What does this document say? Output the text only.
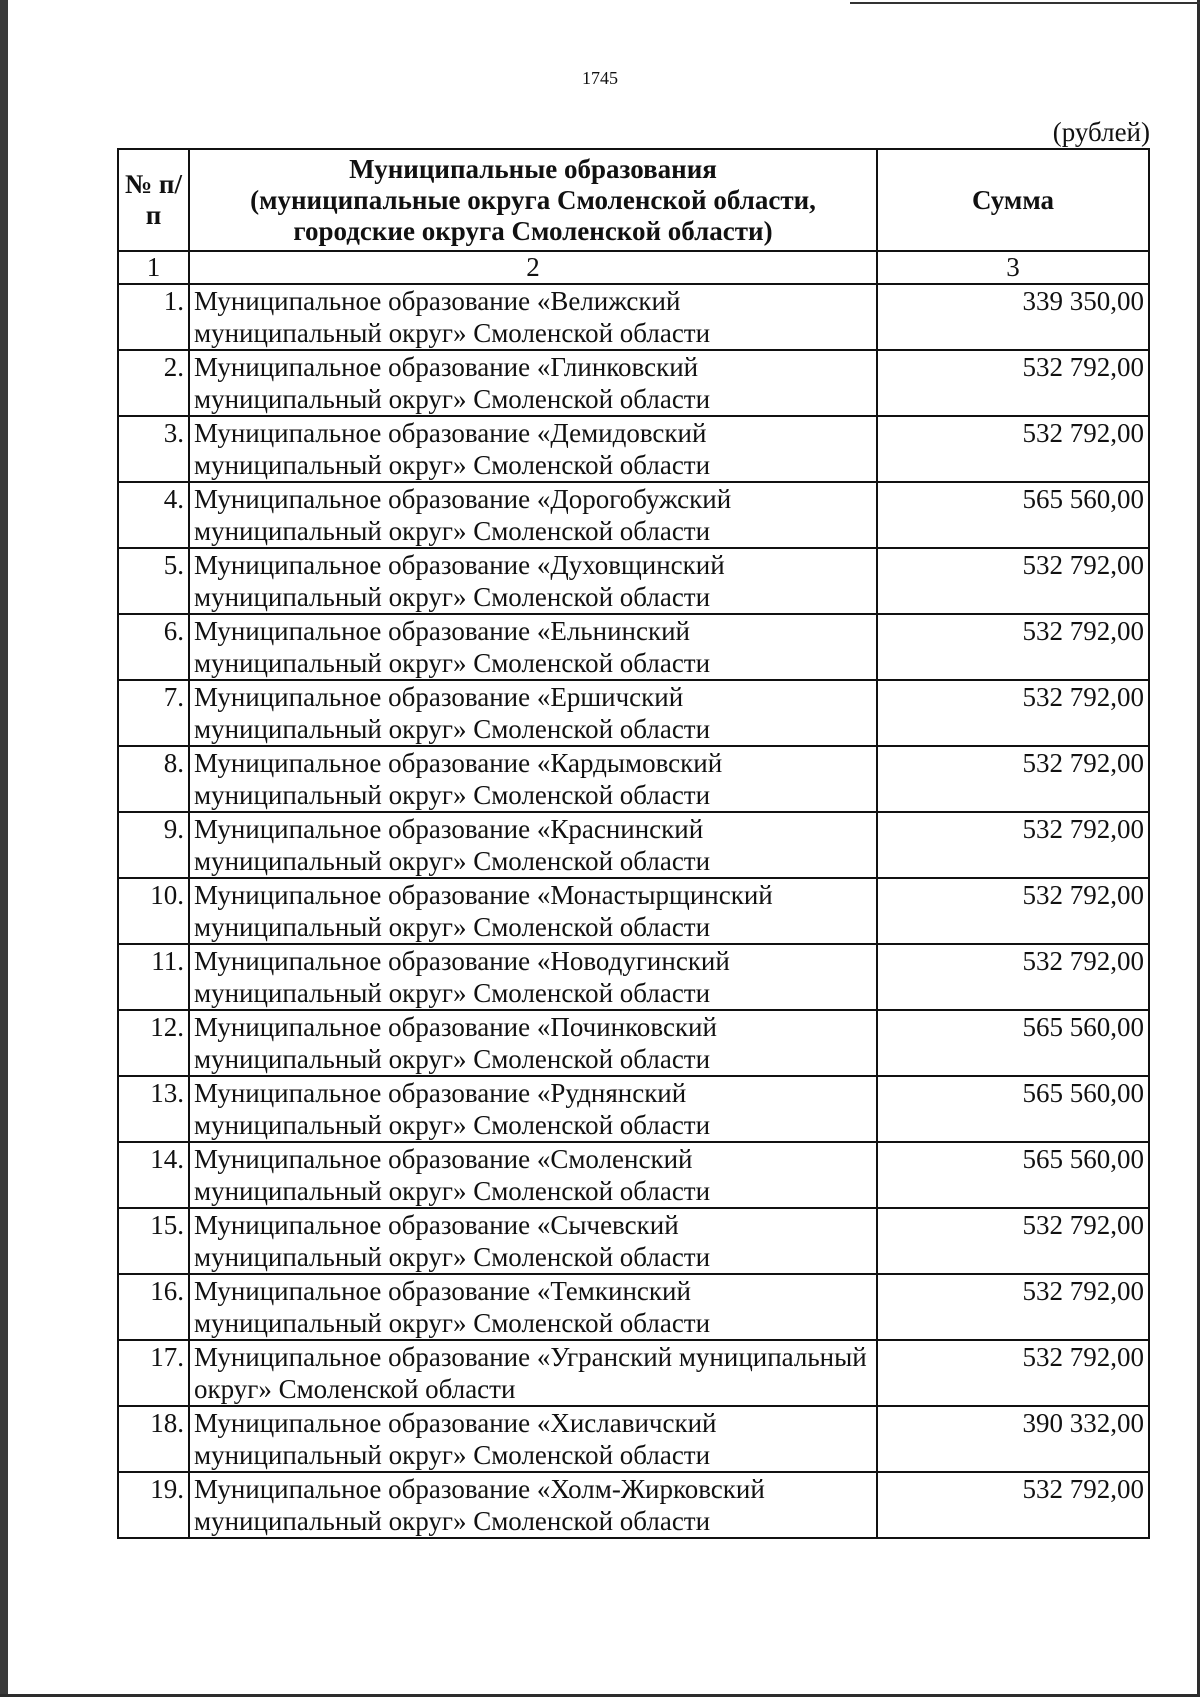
1745
(рублей)
№ п/п	Муниципальные образования
(муниципальные округа Смоленской области,
городские округа Смоленской области)	Сумма
1	2	3
1.	Муниципальное образование «Велижский муниципальный округ» Смоленской области	339 350,00
2.	Муниципальное образование «Глинковский муниципальный округ» Смоленской области	532 792,00
3.	Муниципальное образование «Демидовский муниципальный округ» Смоленской области	532 792,00
4.	Муниципальное образование «Дорогобужский муниципальный округ» Смоленской области	565 560,00
5.	Муниципальное образование «Духовщинский муниципальный округ» Смоленской области	532 792,00
6.	Муниципальное образование «Ельнинский муниципальный округ» Смоленской области	532 792,00
7.	Муниципальное образование «Ершичский муниципальный округ» Смоленской области	532 792,00
8.	Муниципальное образование «Кардымовский муниципальный округ» Смоленской области	532 792,00
9.	Муниципальное образование «Краснинский муниципальный округ» Смоленской области	532 792,00
10.	Муниципальное образование «Монастырщинский муниципальный округ» Смоленской области	532 792,00
11.	Муниципальное образование «Новодугинский муниципальный округ» Смоленской области	532 792,00
12.	Муниципальное образование «Починковский муниципальный округ» Смоленской области	565 560,00
13.	Муниципальное образование «Руднянский муниципальный округ» Смоленской области	565 560,00
14.	Муниципальное образование «Смоленский муниципальный округ» Смоленской области	565 560,00
15.	Муниципальное образование «Сычевский муниципальный округ» Смоленской области	532 792,00
16.	Муниципальное образование «Темкинский муниципальный округ» Смоленской области	532 792,00
17.	Муниципальное образование «Угранский муниципальный округ» Смоленской области	532 792,00
18.	Муниципальное образование «Хиславичский муниципальный округ» Смоленской области	390 332,00
19.	Муниципальное образование «Холм-Жирковский муниципальный округ» Смоленской области	532 792,00
